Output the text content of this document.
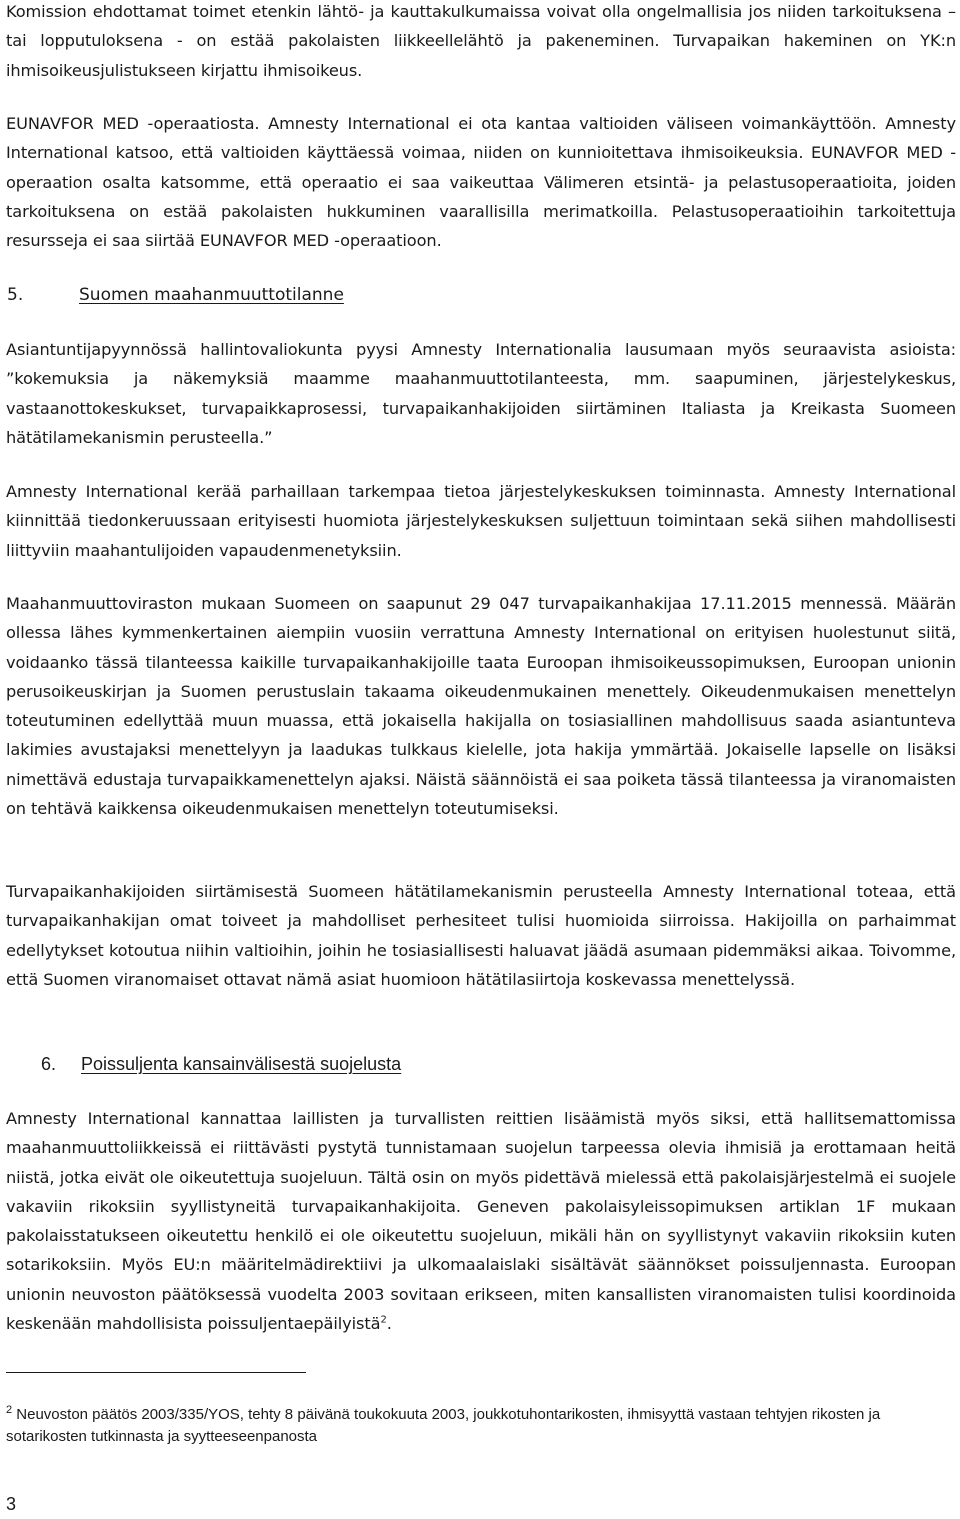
Komission ehdottamat toimet etenkin lähtö- ja kauttakulkumaissa voivat olla ongelmallisia jos niiden tarkoituksena – tai lopputuloksena - on estää pakolaisten liikkeellelähtö ja pakeneminen. Turvapaikan hakeminen on YK:n ihmisoikeusjulistukseen kirjattu ihmisoikeus.

EUNAVFOR MED -operaatiosta. Amnesty International ei ota kantaa valtioiden väliseen voimankäyttöön. Amnesty International katsoo, että valtioiden käyttäessä voimaa, niiden on kunnioitettava ihmisoikeuksia. EUNAVFOR MED -operaation osalta katsomme, että operaatio ei saa vaikeuttaa Välimeren etsintä- ja pelastusoperaatioita, joiden tarkoituksena on estää pakolaisten hukkuminen vaarallisilla merimatkoilla. Pelastusoperaatioihin tarkoitettuja resursseja ei saa siirtää EUNAVFOR MED -operaatioon.

5.	Suomen maahanmuuttotilanne

Asiantuntijapyynnössä hallintovaliokunta pyysi Amnesty Internationalia lausumaan myös seuraavista asioista: ”kokemuksia ja näkemyksiä maamme maahanmuuttotilanteesta, mm. saapuminen, järjestelykeskus, vastaanottokeskukset, turvapaikkaprosessi, turvapaikanhakijoiden siirtäminen Italiasta ja Kreikasta Suomeen hätätilamekanismin perusteella.”

Amnesty International kerää parhaillaan tarkempaa tietoa järjestelykeskuksen toiminnasta. Amnesty International kiinnittää tiedonkeruussaan erityisesti huomiota järjestelykeskuksen suljettuun toimintaan sekä siihen mahdollisesti liittyviin maahantulijoiden vapaudenmenetyksiin.

Maahanmuuttoviraston mukaan Suomeen on saapunut 29 047 turvapaikanhakijaa 17.11.2015 mennessä. Määrän ollessa lähes kymmenkertainen aiempiin vuosiin verrattuna Amnesty International on erityisen huolestunut siitä, voidaanko tässä tilanteessa kaikille turvapaikanhakijoille taata Euroopan ihmisoikeussopimuksen, Euroopan unionin perusoikeuskirjan ja Suomen perustuslain takaama oikeudenmukainen menettely. Oikeudenmukaisen menettelyn toteutuminen edellyttää muun muassa, että jokaisella hakijalla on tosiasiallinen mahdollisuus saada asiantunteva lakimies avustajaksi menettelyyn ja laadukas tulkkaus kielelle, jota hakija ymmärtää. Jokaiselle lapselle on lisäksi nimettävä edustaja turvapaikkamenettelyn ajaksi. Näistä säännöistä ei saa poiketa tässä tilanteessa ja viranomaisten on tehtävä kaikkensa oikeudenmukaisen menettelyn toteutumiseksi.

Turvapaikanhakijoiden siirtämisestä Suomeen hätätilamekanismin perusteella Amnesty International toteaa, että turvapaikanhakijan omat toiveet ja mahdolliset perhesiteet tulisi huomioida siirroissa. Hakijoilla on parhaimmat edellytykset kotoutua niihin valtioihin, joihin he tosiasiallisesti haluavat jäädä asumaan pidemmäksi aikaa. Toivomme, että Suomen viranomaiset ottavat nämä asiat huomioon hätätilasiirtoja koskevassa menettelyssä.

6. Poissuljenta kansainvälisestä suojelusta

Amnesty International kannattaa laillisten ja turvallisten reittien lisäämistä myös siksi, että hallitsemattomissa maahanmuuttoliikkeissä ei riittävästi pystytä tunnistamaan suojelun tarpeessa olevia ihmisiä ja erottamaan heitä niistä, jotka eivät ole oikeutettuja suojeluun. Tältä osin on myös pidettävä mielessä että pakolaisjärjestelmä ei suojele vakaviin rikoksiin syyllistyneitä turvapaikanhakijoita. Geneven pakolaisyleissopimuksen artiklan 1F mukaan pakolaisstatukseen oikeutettu henkilö ei ole oikeutettu suojeluun, mikäli hän on syyllistynyt vakaviin rikoksiin kuten sotarikoksiin. Myös EU:n määritelmädirektiivi ja ulkomaalaislaki sisältävät säännökset poissuljennasta. Euroopan unionin neuvoston päätöksessä vuodelta 2003 sovitaan erikseen, miten kansallisten viranomaisten tulisi koordinoida keskenään mahdollisista poissuljentaepäilyistä$^2$.

$^2$ Neuvoston päätös 2003/335/YOS, tehty 8 päivänä toukokuuta 2003, joukkotuhontarikosten, ihmisyyttä vastaan tehtyjen rikosten ja sotarikosten tutkinnasta ja syytteeseenpanosta
3
